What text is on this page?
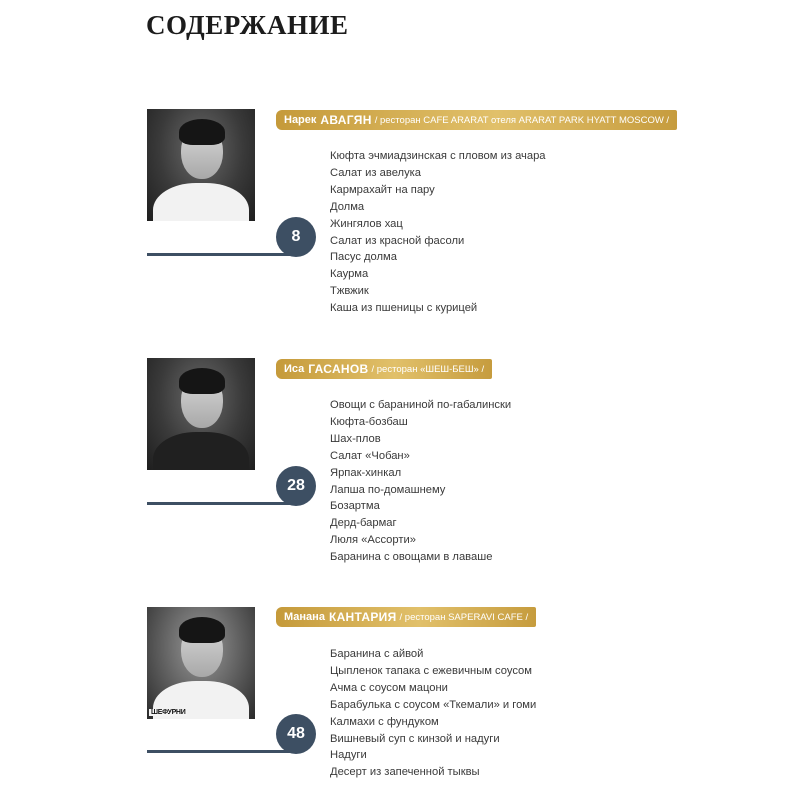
СОДЕРЖАНИЕ
8
Нарек АВАГЯН / ресторан CAFE ARARAT отеля ARARAT PARK HYATT MOSCOW /
Кюфта эчмиадзинская с пловом из ачара
Салат из авелука
Кармрахайт на пару
Долма
Жингялов хац
Салат из красной фасоли
Пасус долма
Каурма
Тжвжик
Каша из пшеницы с курицей
28
Иса ГАСАНОВ / ресторан «ШЕШ-БЕШ» /
Овощи с бараниной по-габалински
Кюфта-бозбаш
Шах-плов
Салат «Чобан»
Ярпак-хинкал
Лапша по-домашнему
Бозартма
Дерд-бармаг
Люля «Ассорти»
Баранина с овощами в лаваше
ШЕФУРНИ
48
Манана КАНТАРИЯ / ресторан SAPERAVI CAFE /
Баранина с айвой
Цыпленок тапака с ежевичным соусом
Ачма с соусом мацони
Барабулька с соусом «Ткемали» и гоми
Калмахи с фундуком
Вишневый суп с кинзой и надуги
Надуги
Десерт из запеченной тыквы
